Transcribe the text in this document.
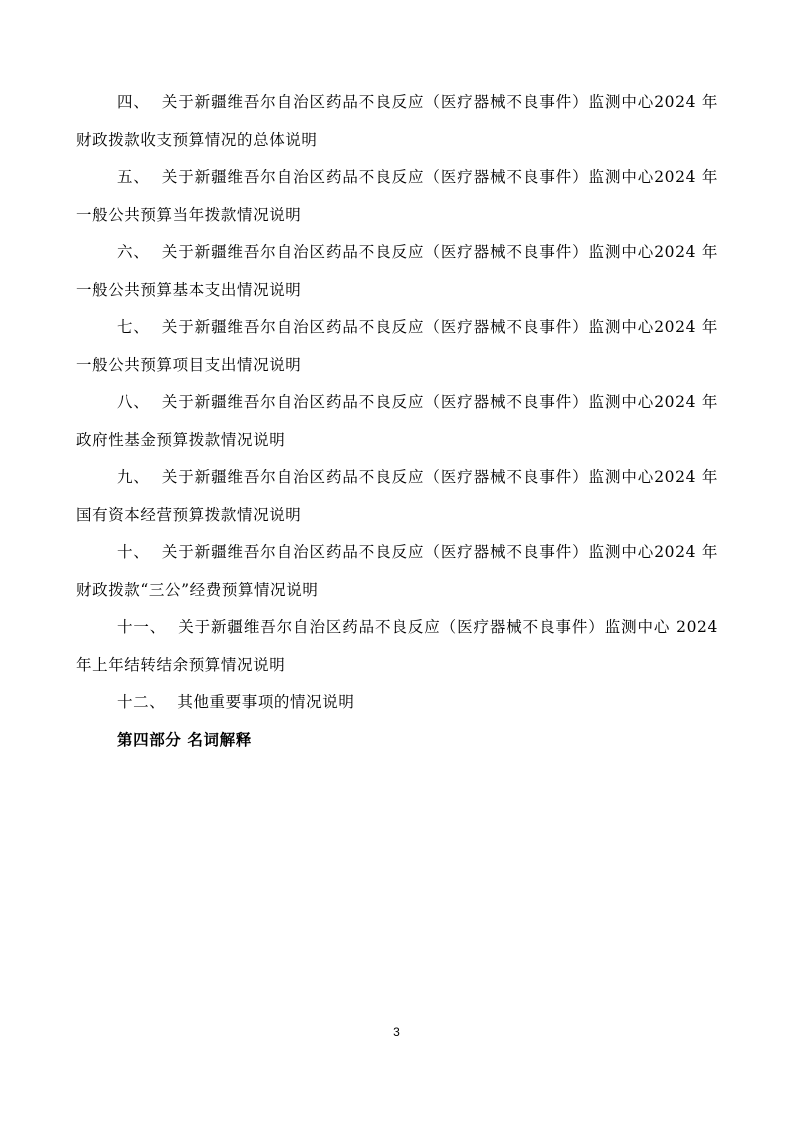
四、 关于新疆维吾尔自治区药品不良反应（医疗器械不良事件）监测中心2024 年财政拨款收支预算情况的总体说明

五、 关于新疆维吾尔自治区药品不良反应（医疗器械不良事件）监测中心2024 年一般公共预算当年拨款情况说明

六、 关于新疆维吾尔自治区药品不良反应（医疗器械不良事件）监测中心2024 年一般公共预算基本支出情况说明

七、 关于新疆维吾尔自治区药品不良反应（医疗器械不良事件）监测中心2024 年一般公共预算项目支出情况说明

八、 关于新疆维吾尔自治区药品不良反应（医疗器械不良事件）监测中心2024 年政府性基金预算拨款情况说明

九、 关于新疆维吾尔自治区药品不良反应（医疗器械不良事件）监测中心2024 年国有资本经营预算拨款情况说明

十、 关于新疆维吾尔自治区药品不良反应（医疗器械不良事件）监测中心2024 年财政拨款“三公”经费预算情况说明

十一、 关于新疆维吾尔自治区药品不良反应（医疗器械不良事件）监测中心 2024 年上年结转结余预算情况说明

十二、 其他重要事项的情况说明

第四部分 名词解释

3
